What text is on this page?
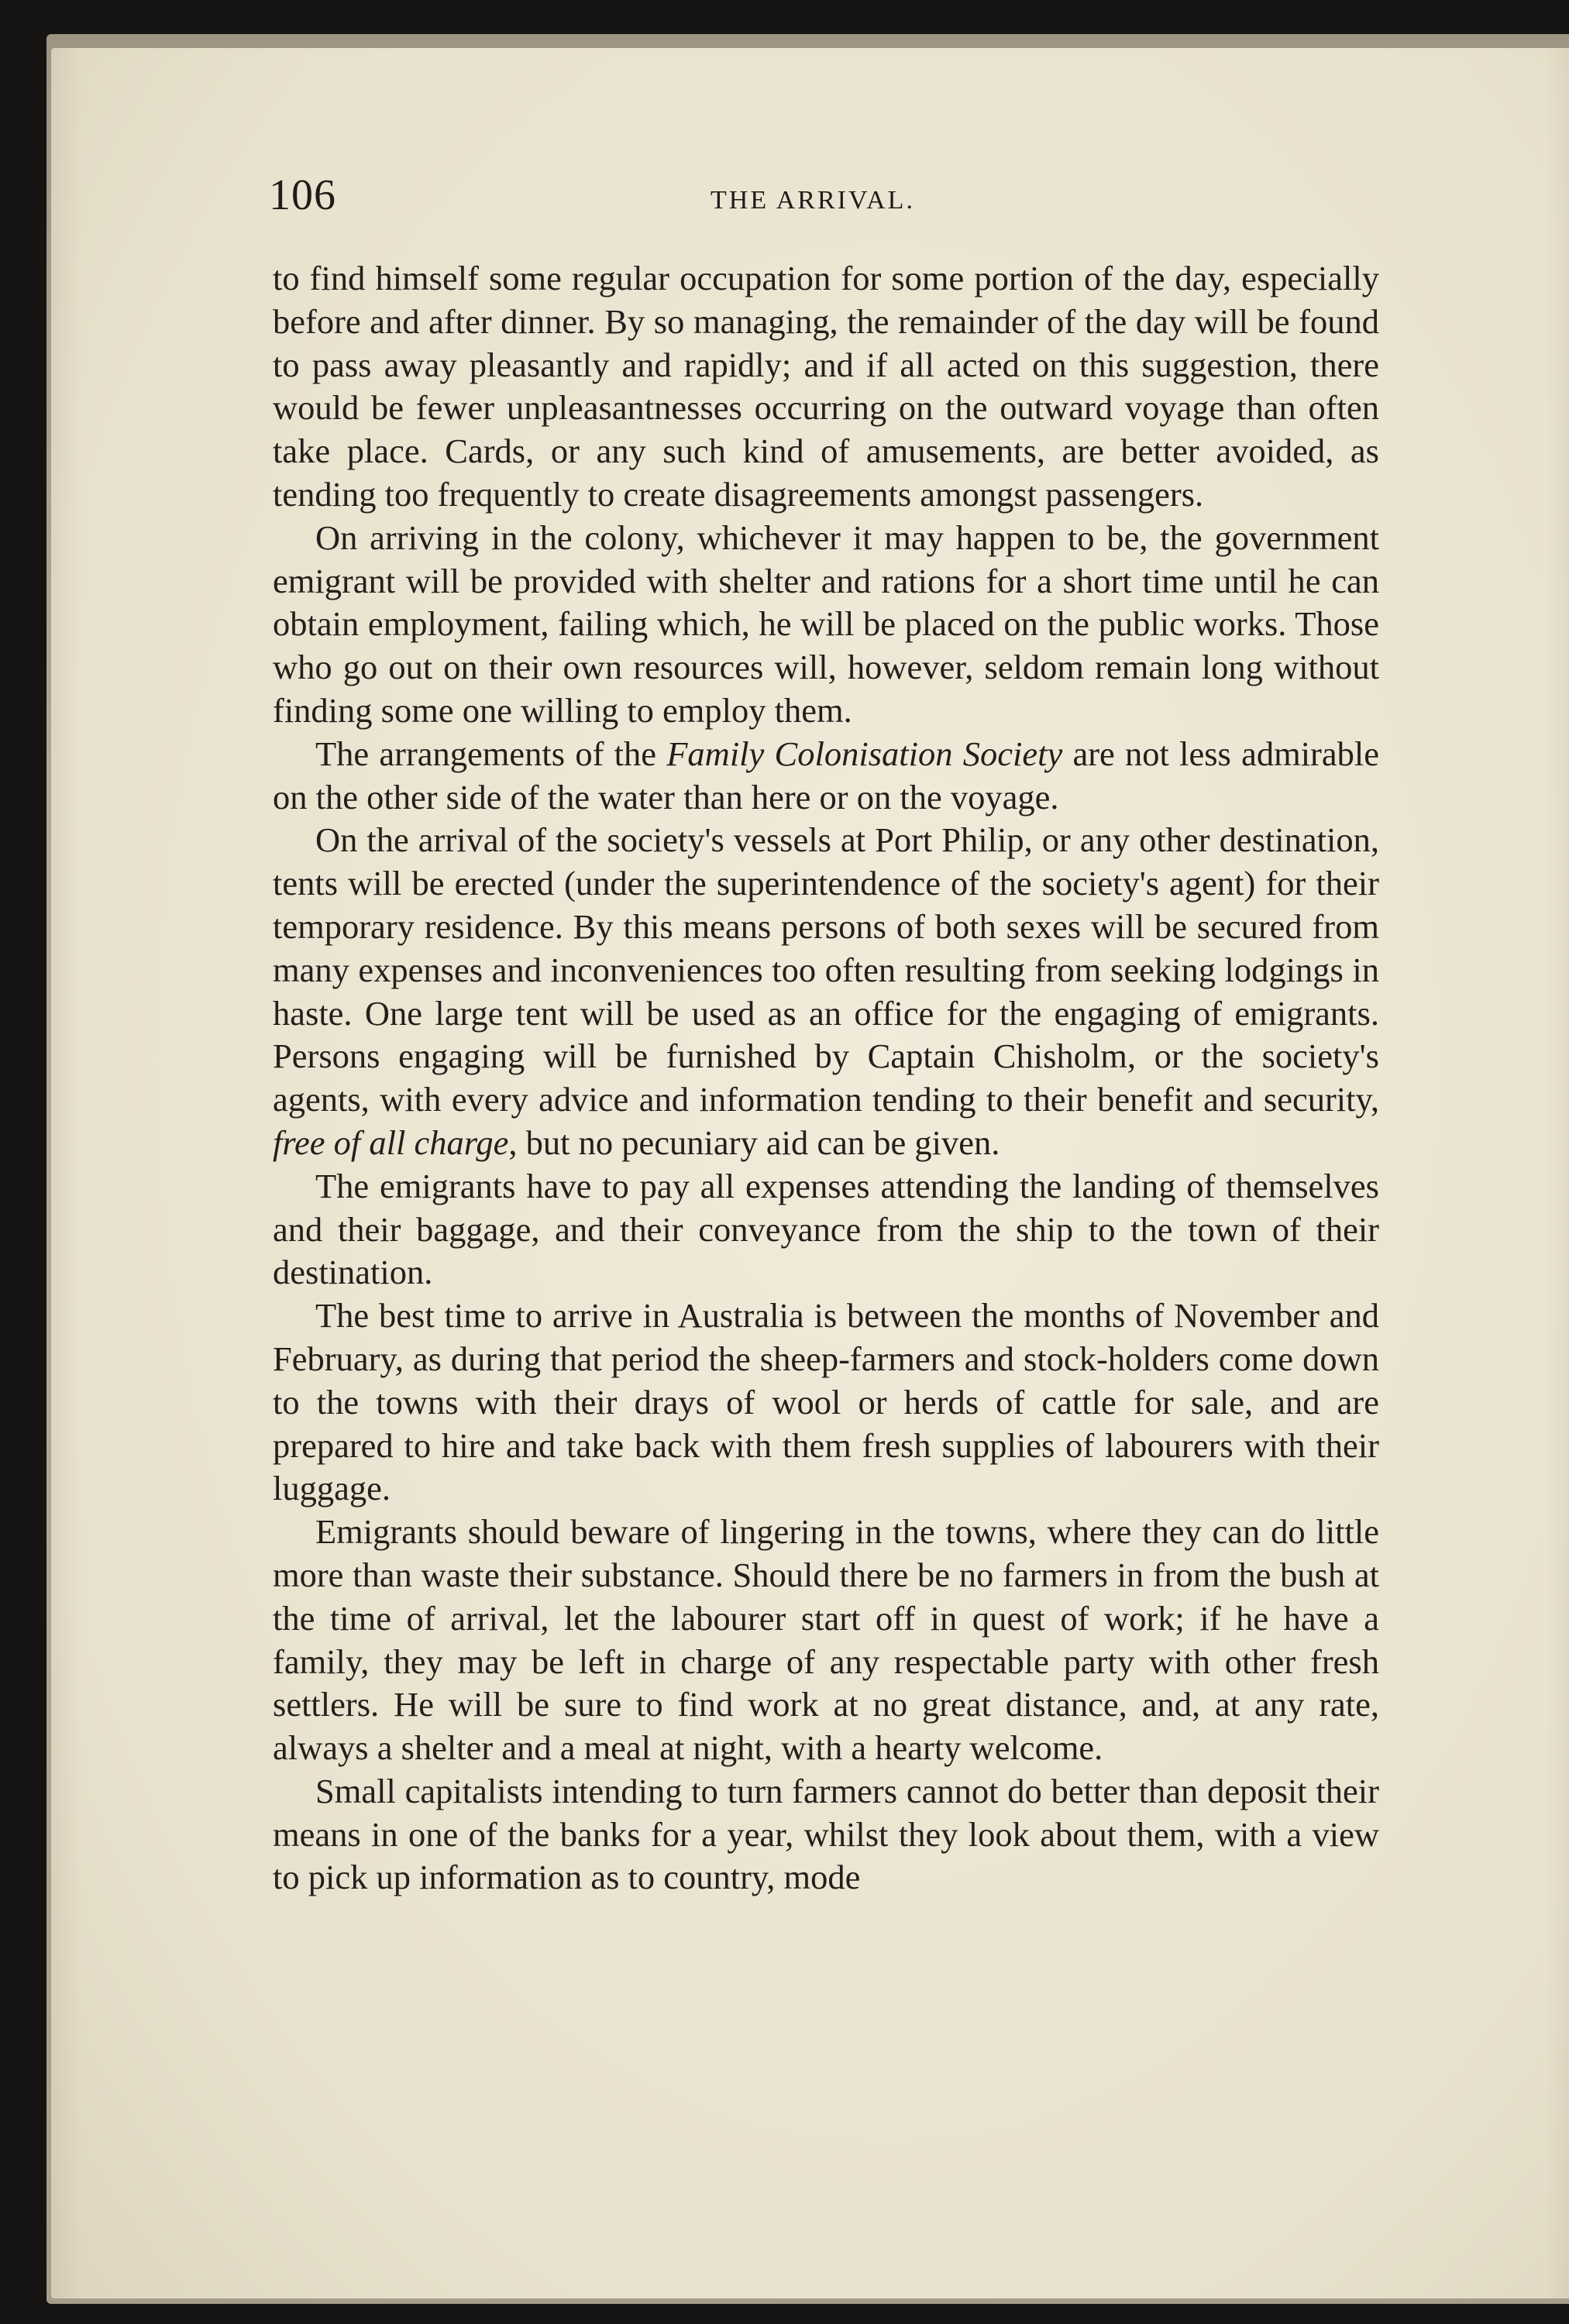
106	THE ARRIVAL.

to find himself some regular occupation for some portion of the day, especially before and after dinner. By so managing, the remainder of the day will be found to pass away pleasantly and rapidly; and if all acted on this suggestion, there would be fewer unpleasantnesses occurring on the outward voyage than often take place. Cards, or any such kind of amusements, are better avoided, as tending too frequently to create disagreements amongst passengers.

On arriving in the colony, whichever it may happen to be, the government emigrant will be provided with shelter and rations for a short time until he can obtain employment, failing which, he will be placed on the public works. Those who go out on their own resources will, however, seldom remain long without finding some one willing to employ them.

The arrangements of the Family Colonisation Society are not less admirable on the other side of the water than here or on the voyage.

On the arrival of the society's vessels at Port Philip, or any other destination, tents will be erected (under the superintendence of the society's agent) for their temporary residence. By this means persons of both sexes will be secured from many expenses and inconveniences too often resulting from seeking lodgings in haste. One large tent will be used as an office for the engaging of emigrants. Persons engaging will be furnished by Captain Chisholm, or the society's agents, with every advice and information tending to their benefit and security, free of all charge, but no pecuniary aid can be given.

The emigrants have to pay all expenses attending the landing of themselves and their baggage, and their conveyance from the ship to the town of their destination.

The best time to arrive in Australia is between the months of November and February, as during that period the sheep-farmers and stock-holders come down to the towns with their drays of wool or herds of cattle for sale, and are prepared to hire and take back with them fresh supplies of labourers with their luggage.

Emigrants should beware of lingering in the towns, where they can do little more than waste their substance. Should there be no farmers in from the bush at the time of arrival, let the labourer start off in quest of work; if he have a family, they may be left in charge of any respectable party with other fresh settlers. He will be sure to find work at no great distance, and, at any rate, always a shelter and a meal at night, with a hearty welcome.

Small capitalists intending to turn farmers cannot do better than deposit their means in one of the banks for a year, whilst they look about them, with a view to pick up information as to country, mode
